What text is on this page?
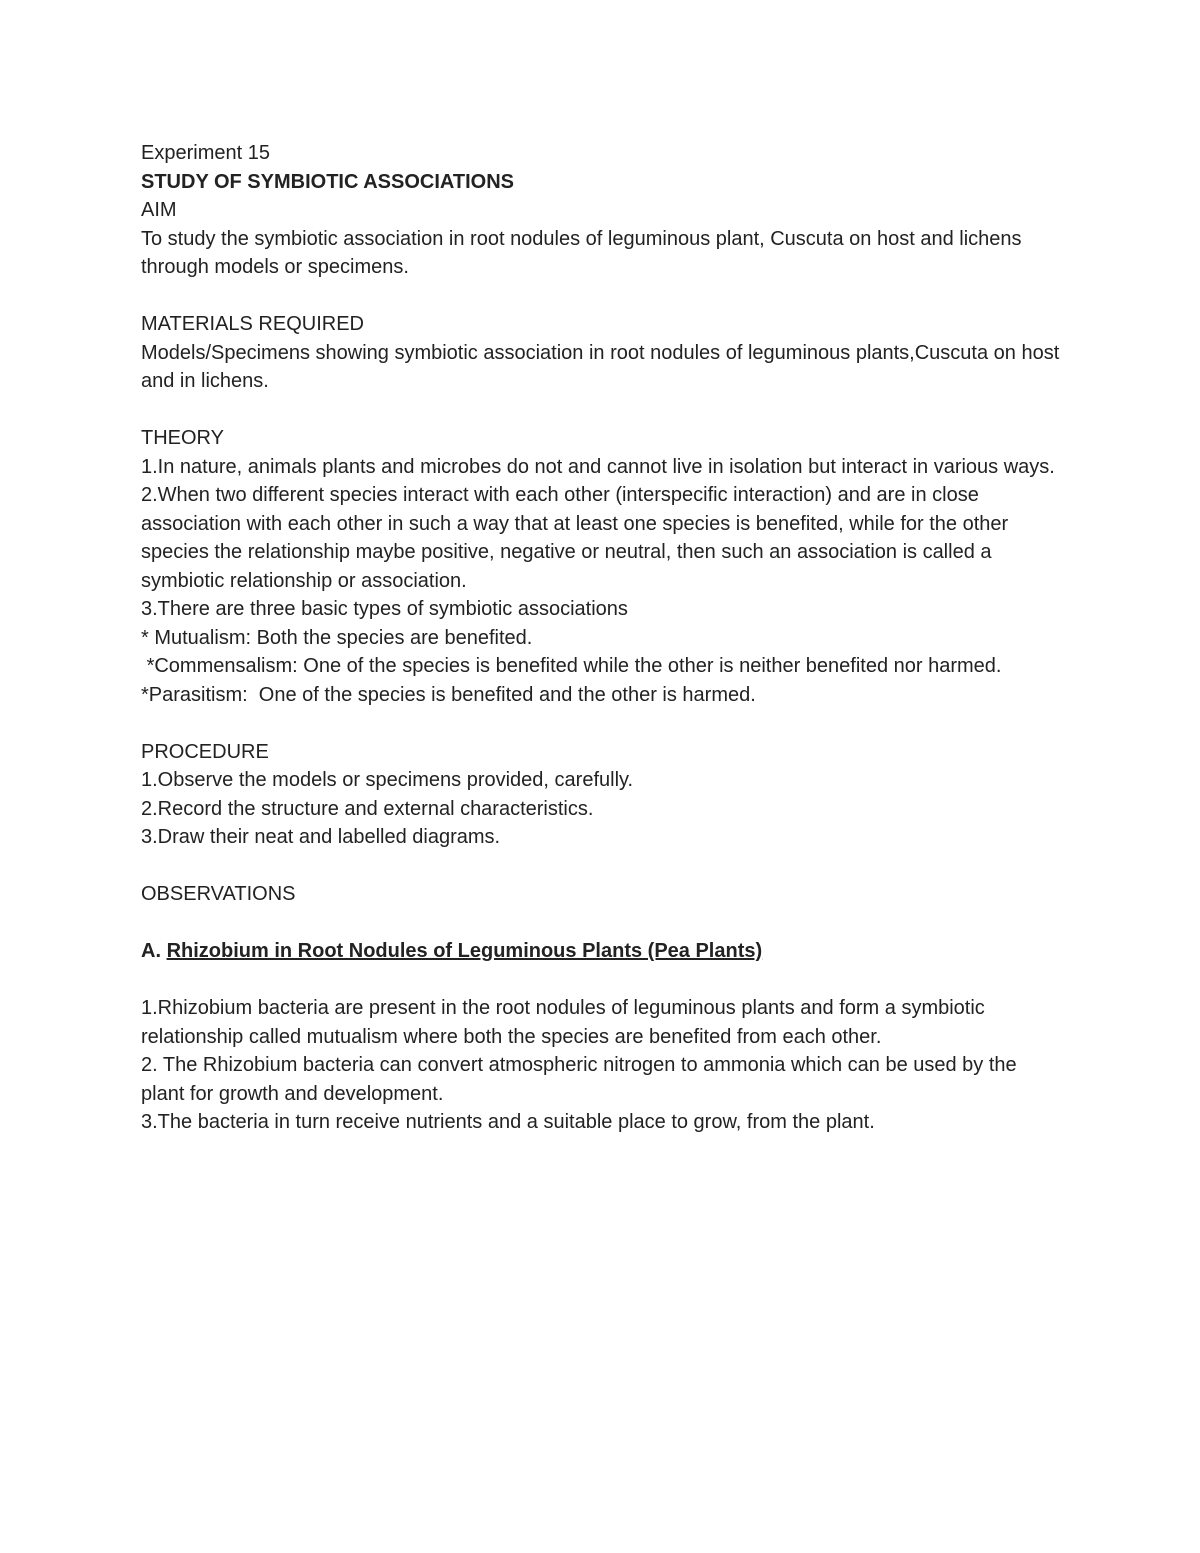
Experiment 15

STUDY OF SYMBIOTIC ASSOCIATIONS

AIM

To study the symbiotic association in root nodules of leguminous plant, Cuscuta on host and lichens through models or specimens.

MATERIALS REQUIRED

Models/Specimens showing symbiotic association in root nodules of leguminous plants,Cuscuta on host and in lichens.

THEORY

1.In nature, animals plants and microbes do not and cannot live in isolation but interact in various ways.

2.When two different species interact with each other (interspecific interaction) and are in close association with each other in such a way that at least one species is benefited, while for the other species the relationship maybe positive, negative or neutral, then such an association is called a symbiotic relationship or association.

3.There are three basic types of symbiotic associations

* Mutualism: Both the species are benefited.

*Commensalism: One of the species is benefited while the other is neither benefited nor harmed.

*Parasitism:  One of the species is benefited and the other is harmed.

PROCEDURE

1.Observe the models or specimens provided, carefully.

2.Record the structure and external characteristics.

3.Draw their neat and labelled diagrams.

OBSERVATIONS

A. Rhizobium in Root Nodules of Leguminous Plants (Pea Plants)

1.Rhizobium bacteria are present in the root nodules of leguminous plants and form a symbiotic relationship called mutualism where both the species are benefited from each other.

2. The Rhizobium bacteria can convert atmospheric nitrogen to ammonia which can be used by the  plant for growth and development.

3.The bacteria in turn receive nutrients and a suitable place to grow, from the plant.
